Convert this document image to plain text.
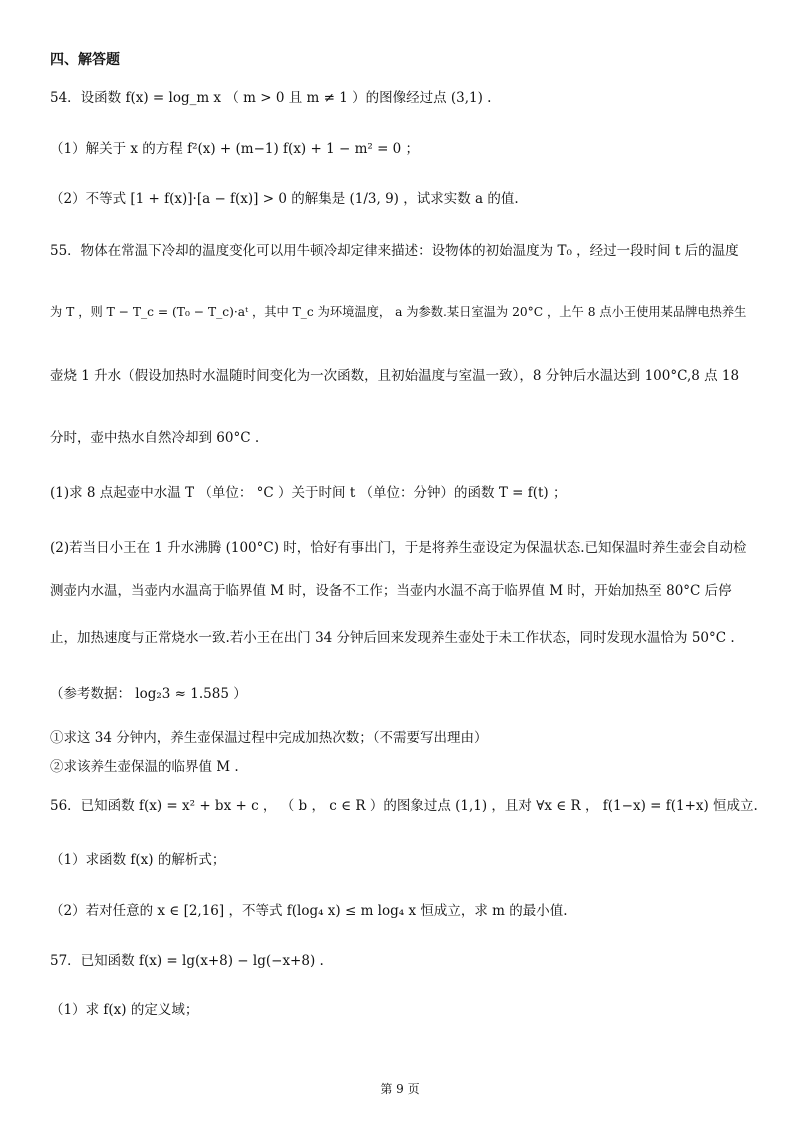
四、解答题
54．设函数 f(x) = log_m x （ m > 0 且 m ≠ 1 ）的图像经过点 (3,1) .
（1）解关于 x 的方程 f²(x) + (m−1) f(x) + 1 − m² = 0 ；
（2）不等式 [1 + f(x)]·[a − f(x)] > 0 的解集是 (1/3, 9) ，试求实数 a 的值.
55．物体在常温下冷却的温度变化可以用牛顿冷却定律来描述：设物体的初始温度为 T₀ ，经过一段时间 t 后的温度
为 T ，则 T − T_c = (T₀ − T_c)·aᵗ ，其中 T_c 为环境温度， a 为参数.某日室温为 20°C ，上午 8 点小王使用某品牌电热养生
壶烧 1 升水（假设加热时水温随时间变化为一次函数，且初始温度与室温一致），8 分钟后水温达到 100°C,8 点 18
分时，壶中热水自然冷却到 60°C .
(1)求 8 点起壶中水温 T （单位： °C ）关于时间 t （单位：分钟）的函数 T = f(t) ；
(2)若当日小王在 1 升水沸腾 (100°C) 时，恰好有事出门，于是将养生壶设定为保温状态.已知保温时养生壶会自动检
测壶内水温，当壶内水温高于临界值 M 时，设备不工作；当壶内水温不高于临界值 M 时，开始加热至 80°C 后停
止，加热速度与正常烧水一致.若小王在出门 34 分钟后回来发现养生壶处于未工作状态，同时发现水温恰为 50°C .
（参考数据： log₂3 ≈ 1.585 ）
①求这 34 分钟内，养生壶保温过程中完成加热次数；（不需要写出理由）
②求该养生壶保温的临界值 M .
56．已知函数 f(x) = x² + bx + c ， （ b ， c ∈ R ）的图象过点 (1,1) ，且对 ∀x ∈ R ， f(1−x) = f(1+x) 恒成立.
（1）求函数 f(x) 的解析式；
（2）若对任意的 x ∈ [2,16] ，不等式 f(log₄ x) ≤ m log₄ x 恒成立，求 m 的最小值.
57．已知函数 f(x) = lg(x+8) − lg(−x+8) .
（1）求 f(x) 的定义域；
第 9 页
